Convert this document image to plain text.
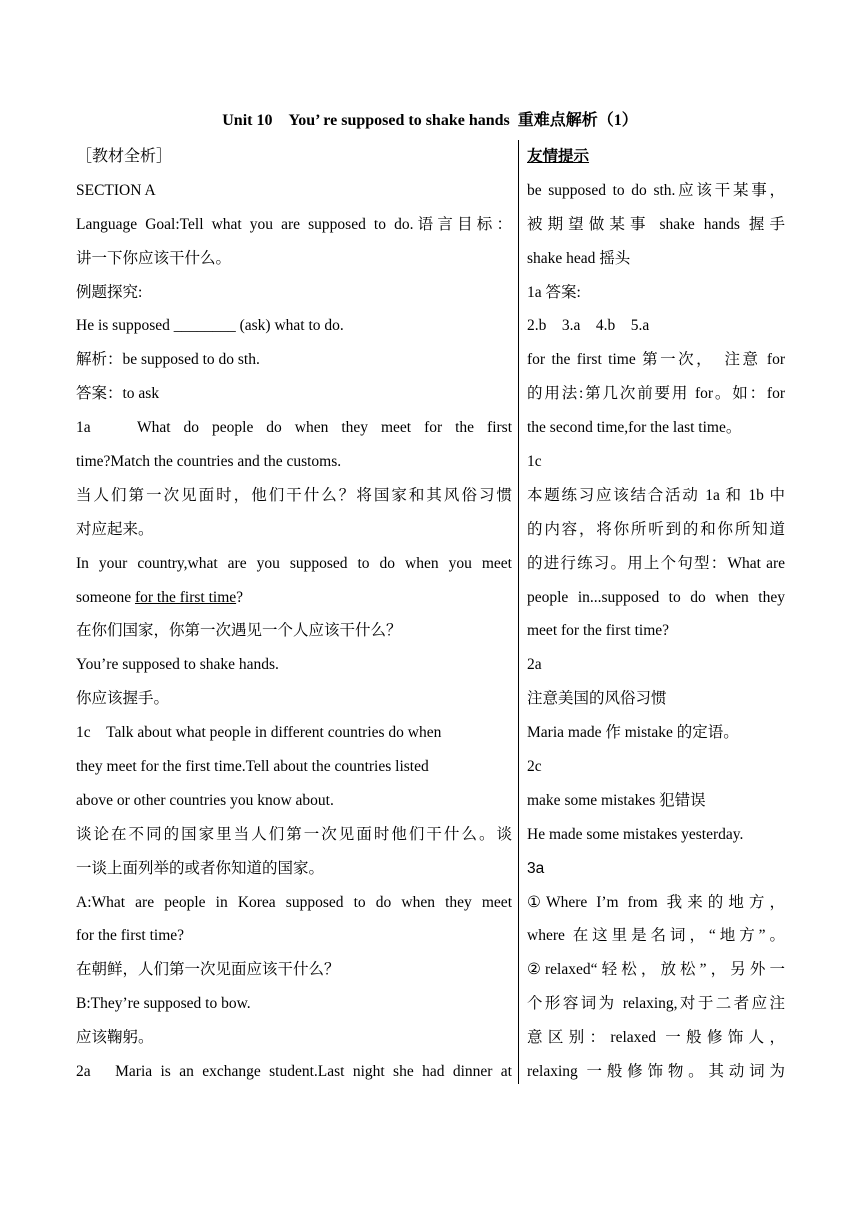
Unit 10　You’ re supposed to shake hands  重难点解析（1）
［教材全析］
SECTION A
Language Goal:Tell what you are supposed to do.语言目标：
讲一下你应该干什么。
例题探究:
He is supposed ________ (ask) what to do.
解析：be supposed to do sth.
答案：to ask
1a　 What do people do when they meet for the first
time?Match the countries and the customs.
当人们第一次见面时，他们干什么？将国家和其风俗习惯
对应起来。
In your country,what are you supposed to do when you meet
someone for the first time?
在你们国家，你第一次遇见一个人应该干什么？
You’re supposed to shake hands.
你应该握手。
1c　Talk about what people in different countries do when
they meet for the first time.Tell about the countries listed
above or other countries you know about.
谈论在不同的国家里当人们第一次见面时他们干什么。谈
一谈上面列举的或者你知道的国家。
A:What are people in Korea supposed to do when they meet
for the first time?
在朝鲜，人们第一次见面应该干什么？
B:They’re supposed to bow.
应该鞠躬。
2a　Maria is an exchange student.Last night she had dinner at
友情提示
be supposed to do sth.应该干某事，
被期望做某事 shake hands 握手
shake head 摇头
1a 答案:
2.b　3.a　4.b　5.a
for the first time 第一次，　注意 for
的用法:第几次前要用 for。如：for
the second time,for the last time。
1c
本题练习应该结合活动 1a 和 1b 中
的内容，将你所听到的和你所知道
的进行练习。用上个句型：What are
people in...supposed to do when they
meet for the first time?
2a
注意美国的风俗习惯
Maria made 作 mistake 的定语。
2c
make some mistakes 犯错误
He made some mistakes yesterday.
3a
①Where I’m from 我来的地方，
where 在这里是名词，“地方”。
②relaxed“轻松，放松”，另外一
个形容词为 relaxing,对于二者应注
意区别：relaxed 一般修饰人，
relaxing 一般修饰物。其动词为
